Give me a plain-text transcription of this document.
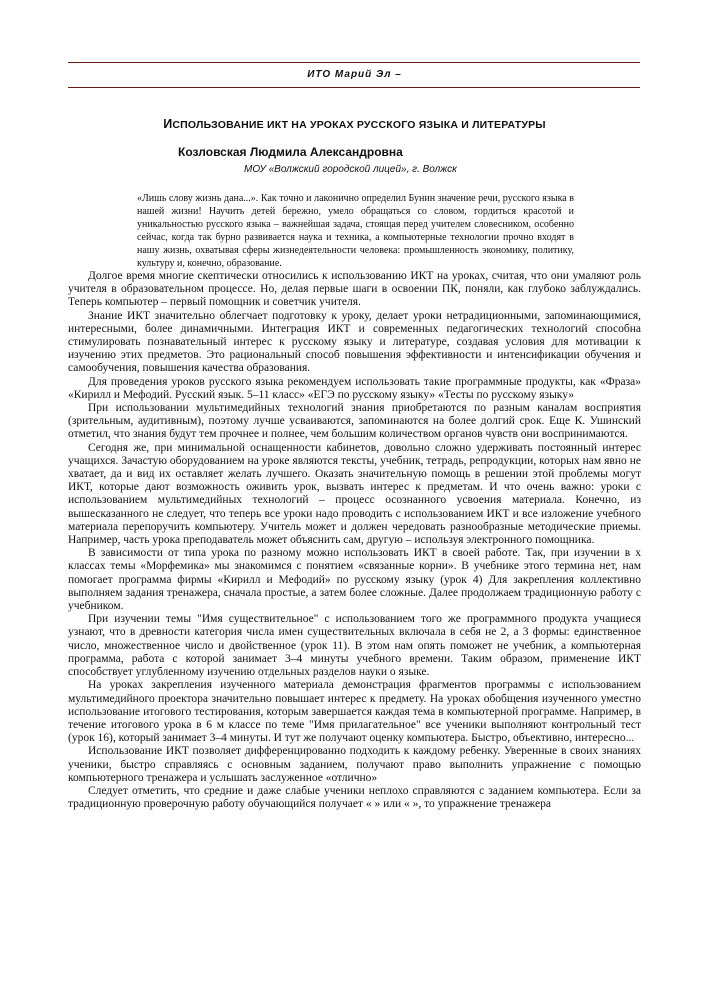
ИТО Марий Эл –
ИСПОЛЬЗОВАНИЕ ИКТ НА УРОКАХ РУССКОГО ЯЗЫКА И ЛИТЕРАТУРЫ
Козловская Людмила Александровна
МОУ «Волжский городской лицей», г. Волжск
«Лишь слову жизнь дана...». Как точно и лаконично определил Бунин значение речи, русского языка в нашей жизни! Научить детей бережно, умело обращаться со словом, гордиться красотой и уникальностью русского языка – важнейшая задача, стоящая перед учителем словесником, особенно сейчас, когда так бурно развивается наука и техника, а компьютерные технологии прочно входят в нашу жизнь, охватывая сферы жизнедеятельности человека: промышленность экономику, политику, культуру и, конечно, образование.

Долгое время многие скептически относились к использованию ИКТ на уроках, считая, что они умаляют роль учителя в образовательном процессе. Но, делая первые шаги в освоении ПК, поняли, как глубоко заблуждались. Теперь компьютер – первый помощник и советчик учителя.

Знание ИКТ значительно облегчает подготовку к уроку, делает уроки нетрадиционными, запоминающимися, интересными, более динамичными. Интеграция ИКТ и современных педагогических технологий способна стимулировать познавательный интерес к русскому языку и литературе, создавая условия для мотивации к изучению этих предметов. Это рациональный способ повышения эффективности и интенсификации обучения и самообучения, повышения качества образования.

Для проведения уроков русского языка рекомендуем использовать такие программные продукты, как «Фраза» «Кирилл и Мефодий. Русский язык. 5–11 класс» «ЕГЭ по русскому языку» «Тесты по русскому языку»

При использовании мультимедийных технологий знания приобретаются по разным каналам восприятия (зрительным, аудитивным), поэтому лучше усваиваются, запоминаются на более долгий срок. Еще К. Ушинский отметил, что знания будут тем прочнее и полнее, чем большим количеством органов чувств они воспринимаются.

Сегодня же, при минимальной оснащенности кабинетов, довольно сложно удерживать постоянный интерес учащихся. Зачастую оборудованием на уроке являются тексты, учебник, тетрадь, репродукции, которых нам явно не хватает, да и вид их оставляет желать лучшего. Оказать значительную помощь в решении этой проблемы могут ИКТ, которые дают возможность оживить урок, вызвать интерес к предметам. И что очень важно: уроки с использованием мультимедийных технологий – процесс осознанного усвоения материала. Конечно, из вышесказанного не следует, что теперь все уроки надо проводить с использованием ИКТ и все изложение учебного материала перепоручить компьютеру. Учитель может и должен чередовать разнообразные методические приемы. Например, часть урока преподаватель может объяснить сам, другую – используя электронного помощника.

В зависимости от типа урока по разному можно использовать ИКТ в своей работе. Так, при изучении в х классах темы «Морфемика» мы знакомимся с понятием «связанные корни». В учебнике этого термина нет, нам помогает программа фирмы «Кирилл и Мефодий» по русскому языку (урок 4) Для закрепления коллективно выполняем задания тренажера, сначала простые, а затем более сложные. Далее продолжаем традиционную работу с учебником.

При изучении темы "Имя существительное" с использованием того же программного продукта учащиеся узнают, что в древности категория числа имен существительных включала в себя не 2, а 3 формы: единственное число, множественное число и двойственное (урок 11). В этом нам опять поможет не учебник, а компьютерная программа, работа с которой занимает 3–4 минуты учебного времени. Таким образом, применение ИКТ способствует углубленному изучению отдельных разделов науки о языке.

На уроках закрепления изученного материала демонстрация фрагментов программы с использованием мультимедийного проектора значительно повышает интерес к предмету. На уроках обобщения изученного уместно использование итогового тестирования, которым завершается каждая тема в компьютерной программе. Например, в течение итогового урока в 6 м классе по теме "Имя прилагательное" все ученики выполняют контрольный тест (урок 16), который занимает 3–4 минуты. И тут же получают оценку компьютера. Быстро, объективно, интересно...

Использование ИКТ позволяет дифференцированно подходить к каждому ребенку. Уверенные в своих знаниях ученики, быстро справляясь с основным заданием, получают право выполнить упражнение с помощью компьютерного тренажера и услышать заслуженное «отлично»

Следует отметить, что средние и даже слабые ученики неплохо справляются с заданием компьютера. Если за традиционную проверочную работу обучающийся получает « » или « », то упражнение тренажера
